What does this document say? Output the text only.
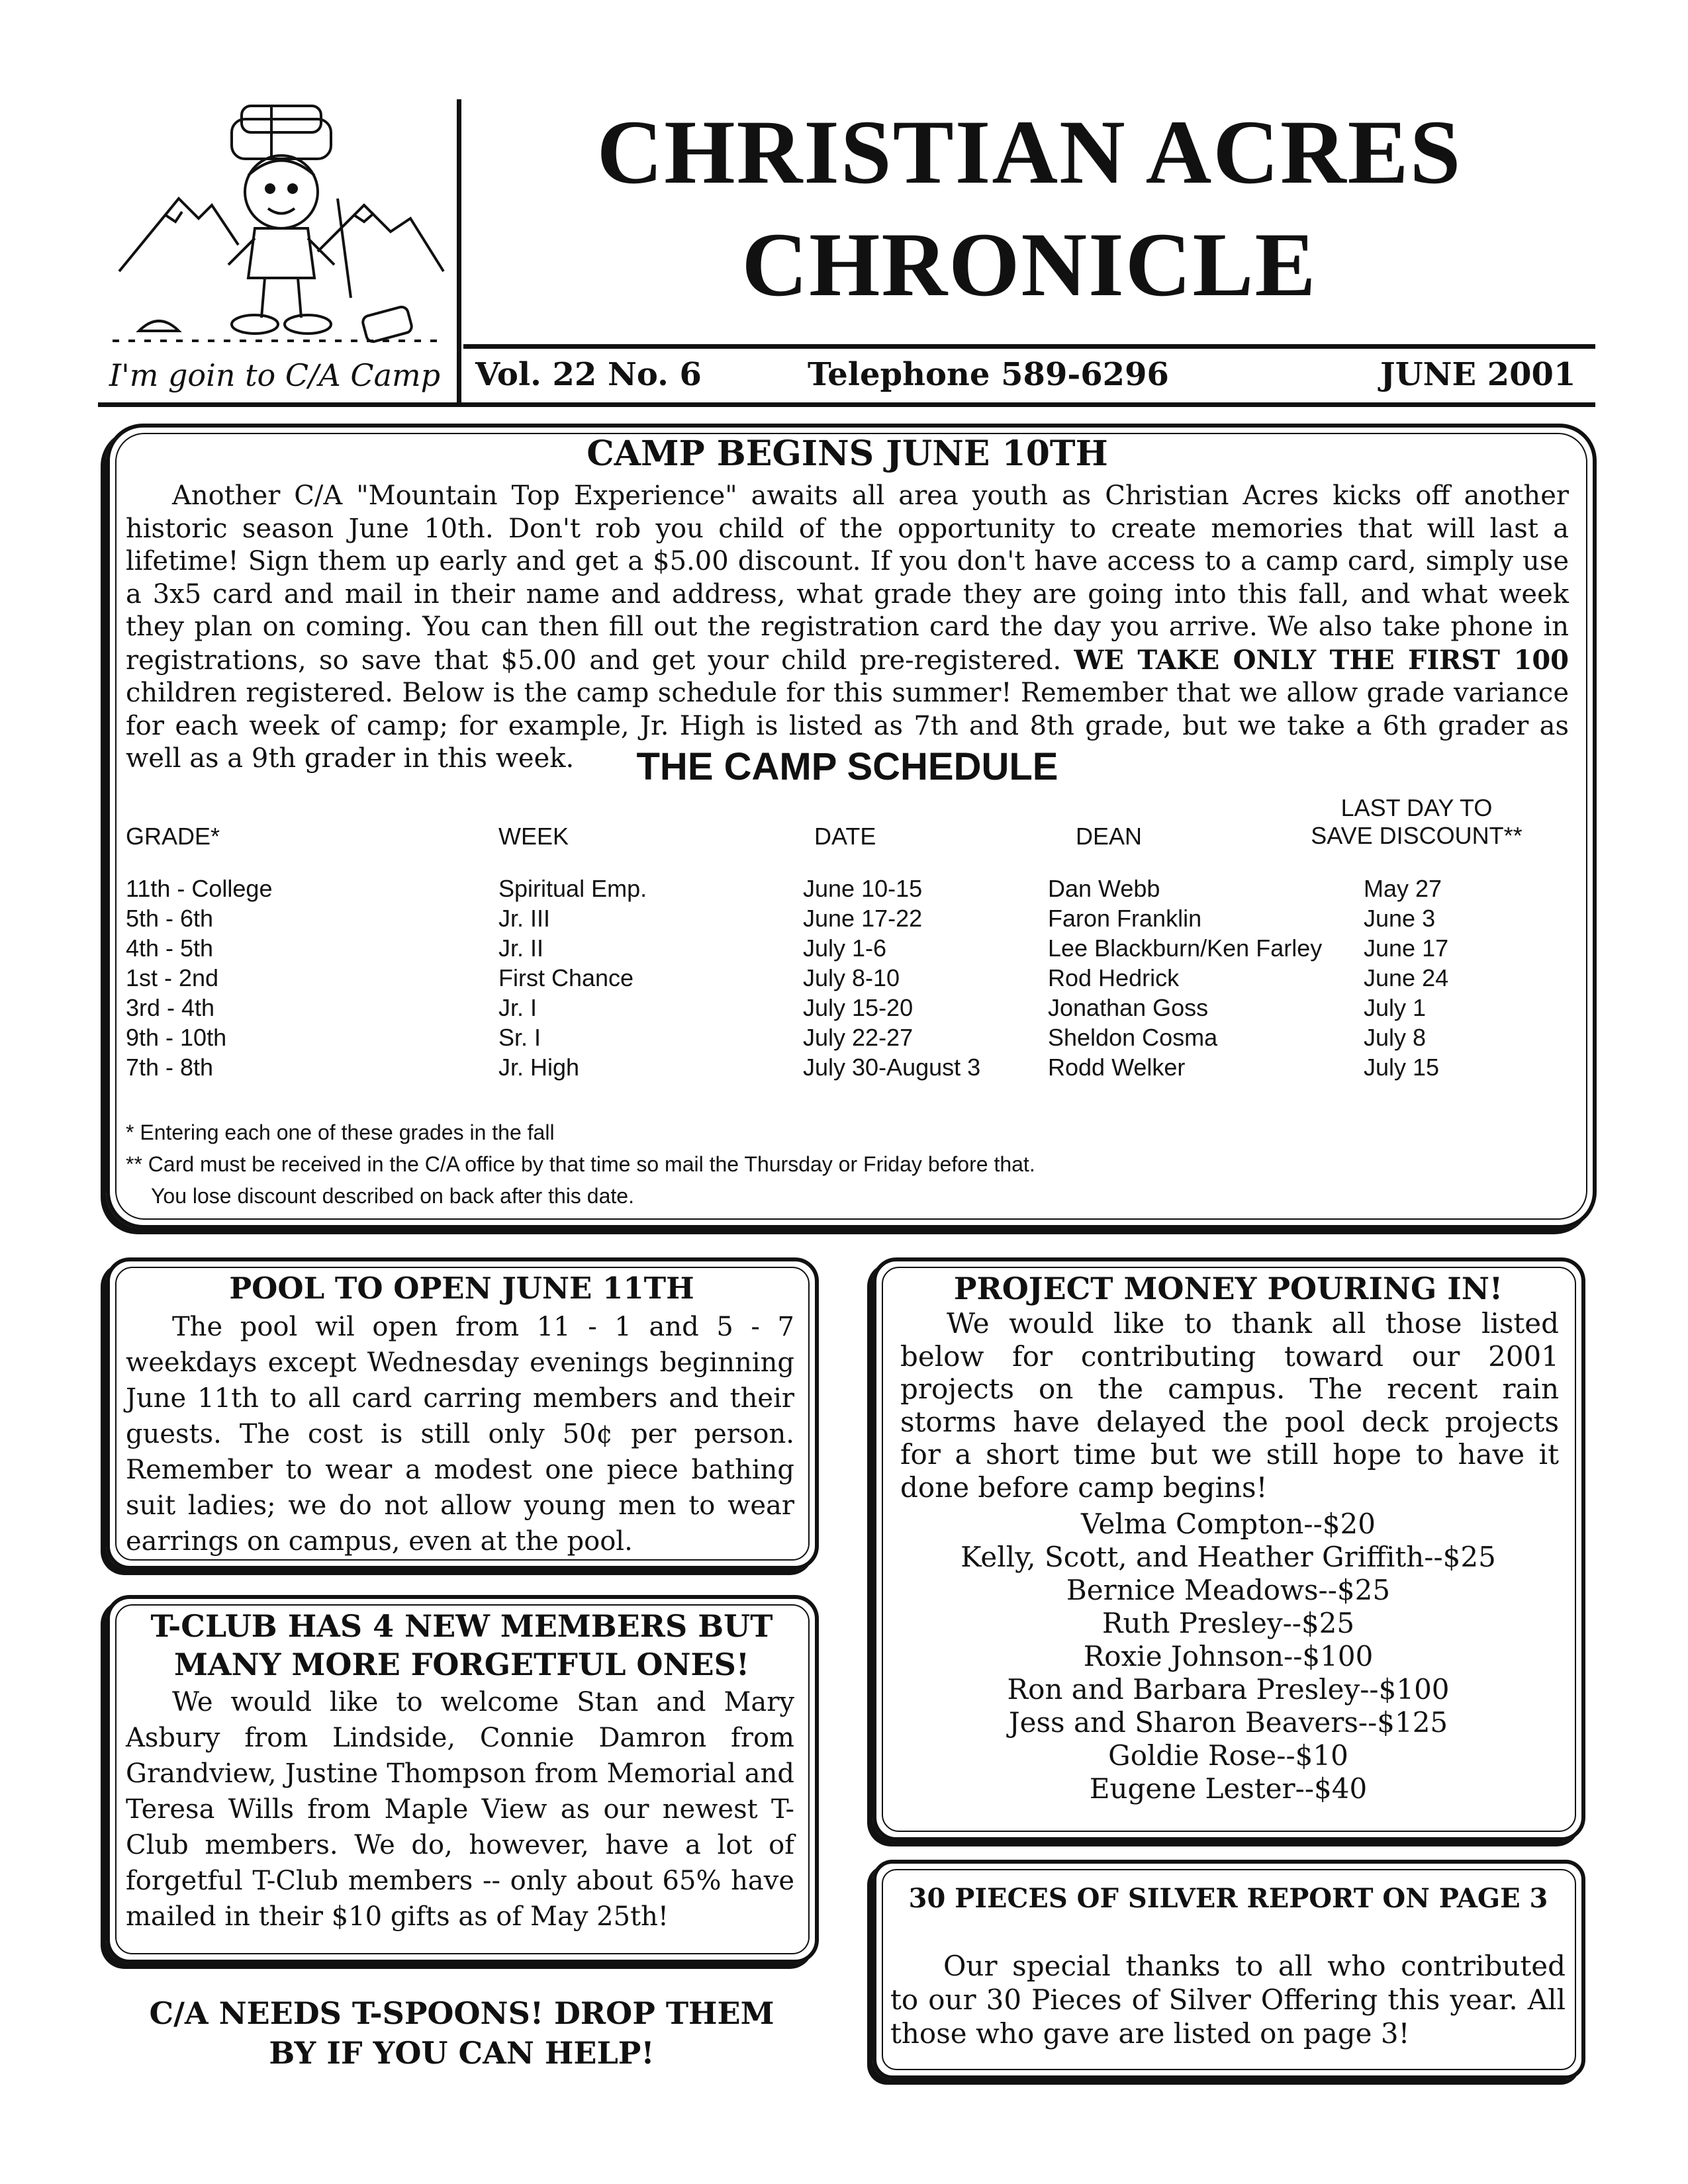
I'm goin to C/A Camp
CHRISTIAN ACRES
CHRONICLE
Vol. 22 No. 6	Telephone 589-6296	JUNE 2001
CAMP BEGINS JUNE 10TH

Another C/A "Mountain Top Experience" awaits all area youth as Christian Acres kicks off another historic season June 10th. Don't rob you child of the opportunity to create memories that will last a lifetime! Sign them up early and get a $5.00 discount. If you don't have access to a camp card, simply use a 3x5 card and mail in their name and address, what grade they are going into this fall, and what week they plan on coming. You can then fill out the registration card the day you arrive. We also take phone in registrations, so save that $5.00 and get your child pre-registered. WE TAKE ONLY THE FIRST 100 children registered. Below is the camp schedule for this summer! Remember that we allow grade variance for each week of camp; for example, Jr. High is listed as 7th and 8th grade, but we take a 6th grader as well as a 9th grader in this week.	THE CAMP SCHEDULE
GRADE*	WEEK	DATE	DEAN
LAST DAY TO
SAVE DISCOUNT**
11th - College	Spiritual Emp.	June 10-15	Dan Webb	May 27
5th - 6th	Jr. III	June 17-22	Faron Franklin	June 3
4th - 5th	Jr. II	July 1-6	Lee Blackburn/Ken Farley June 17
1st - 2nd	First Chance	July 8-10	Rod Hedrick	June 24
3rd - 4th	Jr. I	July 15-20	Jonathan Goss	July 1
9th - 10th	Sr. I	July 22-27	Sheldon Cosma	July 8
7th - 8th	Jr. High	July 30-August 3	Rodd Welker	July 15
* Entering each one of these grades in the fall
** Card must be received in the C/A office by that time so mail the Thursday or Friday before that.
You lose discount described on back after this date.
POOL TO OPEN JUNE 11TH
The pool wil open from 11 - 1 and 5 - 7 weekdays except Wednesday evenings beginning June 11th to all card carring members and their guests. The cost is still only 50¢ per person. Remember to wear a modest one piece bathing suit ladies; we do not allow young men to wear earrings on campus, even at the pool.
T-CLUB HAS 4 NEW MEMBERS BUT
MANY MORE FORGETFUL ONES!
We would like to welcome Stan and Mary Asbury from Lindside, Connie Damron from Grandview, Justine Thompson from Memorial and Teresa Wills from Maple View as our newest T-Club members. We do, however, have a lot of forgetful T-Club members -- only about 65% have mailed in their $10 gifts as of May 25th!
C/A NEEDS T-SPOONS! DROP THEM
BY IF YOU CAN HELP!
PROJECT MONEY POURING IN!
We would like to thank all those listed below for contributing toward our 2001 projects on the campus. The recent rain storms have delayed the pool deck projects for a short time but we still hope to have it done before camp begins!
Velma Compton--$20
Kelly, Scott, and Heather Griffith--$25
Bernice Meadows--$25
Ruth Presley--$25
Roxie Johnson--$100
Ron and Barbara Presley--$100
Jess and Sharon Beavers--$125
Goldie Rose--$10
Eugene Lester--$40
30 PIECES OF SILVER REPORT ON PAGE 3

Our special thanks to all who contributed to our 30 Pieces of Silver Offering this year. All those who gave are listed on page 3!
